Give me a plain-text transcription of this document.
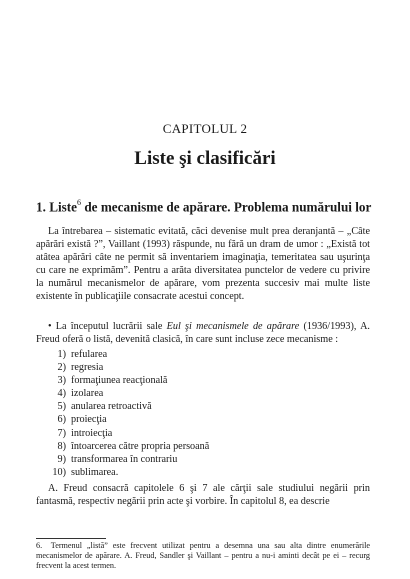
CAPITOLUL 2
Liste şi clasificări
1. Liste$^6$ de mecanisme de apărare. Problema numărului lor

La întrebarea – sistematic evitată, căci devenise mult prea deranjantă – „Câte apărări există ?”, Vaillant (1993) răspunde, nu fără un dram de umor : „Există tot atâtea apărări câte ne permit să inventariem imaginaţia, temeritatea sau uşurinţa cu care ne exprimăm”. Pentru a arăta diversitatea punctelor de vedere cu privire la numărul mecanismelor de apărare, vom prezenta succesiv mai multe liste existente în publicaţiile consacrate acestui concept.

• La începutul lucrării sale Eul şi mecanismele de apărare (1936/1993), A. Freud oferă o listă, devenită clasică, în care sunt incluse zece mecanisme :

1) refularea
2) regresia
3) formaţiunea reacţională
4) izolarea
5) anularea retroactivă
6) proiecţia
7) introiecţia
8) întoarcerea către propria persoană
9) transformarea în contrariu
10) sublimarea.

A. Freud consacră capitolele 6 şi 7 ale cărţii sale studiului negării prin fantasmă, respectiv negării prin acte şi vorbire. În capitolul 8, ea descrie

6. Termenul „listă” este frecvent utilizat pentru a desemna una sau alta dintre enumerările mecanismelor de apărare. A. Freud, Sandler şi Vaillant – pentru a nu-i aminti decât pe ei – recurg frecvent la acest termen.
